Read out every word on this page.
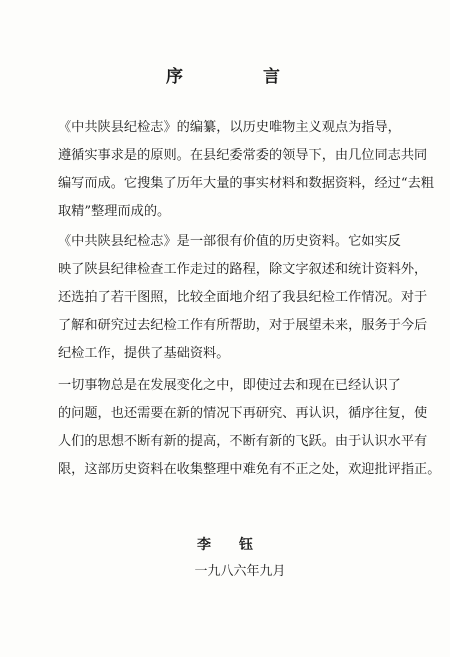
序	言

《中共陕县纪检志》的编纂，以历史唯物主义观点为指导，
遵循实事求是的原则。在县纪委常委的领导下，由几位同志共同
编写而成。它搜集了历年大量的事实材料和数据资料，经过“去粗
取精”整理而成的。

《中共陕县纪检志》是一部很有价值的历史资料。它如实反
映了陕县纪律检查工作走过的路程，除文字叙述和统计资料外，
还选拍了若干图照，比较全面地介绍了我县纪检工作情况。对于
了解和研究过去纪检工作有所帮助，对于展望未来，服务于今后
纪检工作，提供了基础资料。

一切事物总是在发展变化之中，即使过去和现在已经认识了
的问题，也还需要在新的情况下再研究、再认识，循序往复，使
人们的思想不断有新的提高，不断有新的飞跃。由于认识水平有
限，这部历史资料在收集整理中难免有不正之处，欢迎批评指正。

李 钰
一九八六年九月
